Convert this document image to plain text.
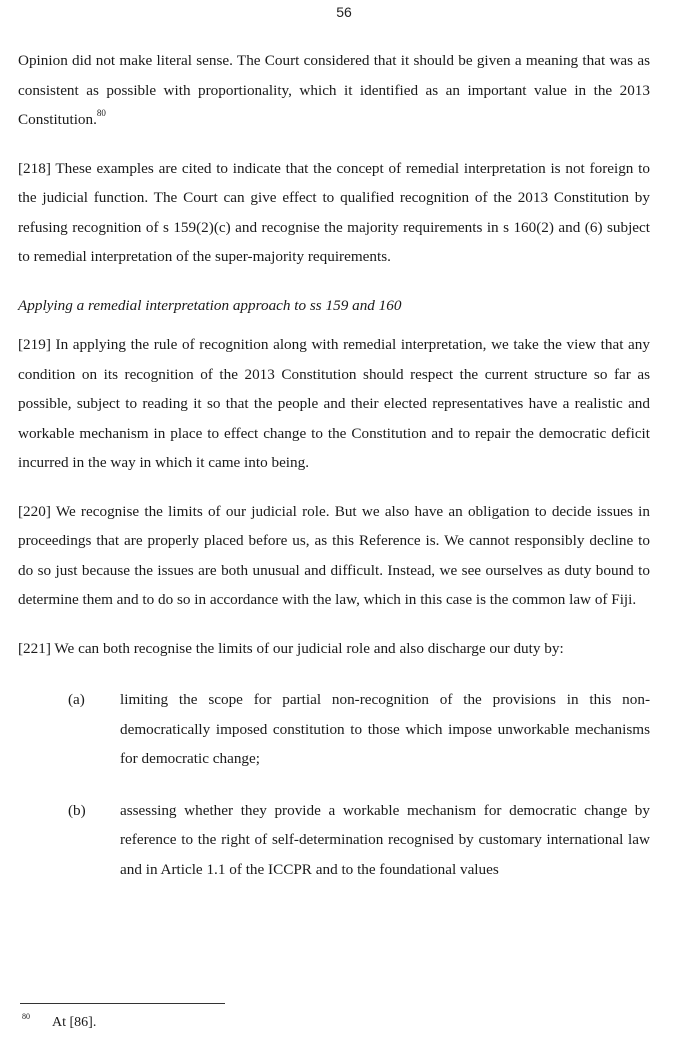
56

Opinion did not make literal sense. The Court considered that it should be given a meaning that was as consistent as possible with proportionality, which it identified as an important value in the 2013 Constitution.$^{80}$

[218] These examples are cited to indicate that the concept of remedial interpretation is not foreign to the judicial function. The Court can give effect to qualified recognition of the 2013 Constitution by refusing recognition of s 159(2)(c) and recognise the majority requirements in s 160(2) and (6) subject to remedial interpretation of the super-majority requirements.

Applying a remedial interpretation approach to ss 159 and 160

[219] In applying the rule of recognition along with remedial interpretation, we take the view that any condition on its recognition of the 2013 Constitution should respect the current structure so far as possible, subject to reading it so that the people and their elected representatives have a realistic and workable mechanism in place to effect change to the Constitution and to repair the democratic deficit incurred in the way in which it came into being.

[220] We recognise the limits of our judicial role. But we also have an obligation to decide issues in proceedings that are properly placed before us, as this Reference is. We cannot responsibly decline to do so just because the issues are both unusual and difficult. Instead, we see ourselves as duty bound to determine them and to do so in accordance with the law, which in this case is the common law of Fiji.

[221] We can both recognise the limits of our judicial role and also discharge our duty by:

(a)	limiting the scope for partial non-recognition of the provisions in this non-democratically imposed constitution to those which impose unworkable mechanisms for democratic change;
(b)	assessing whether they provide a workable mechanism for democratic change by reference to the right of self-determination recognised by customary international law and in Article 1.1 of the ICCPR and to the foundational values
80	At [86].
